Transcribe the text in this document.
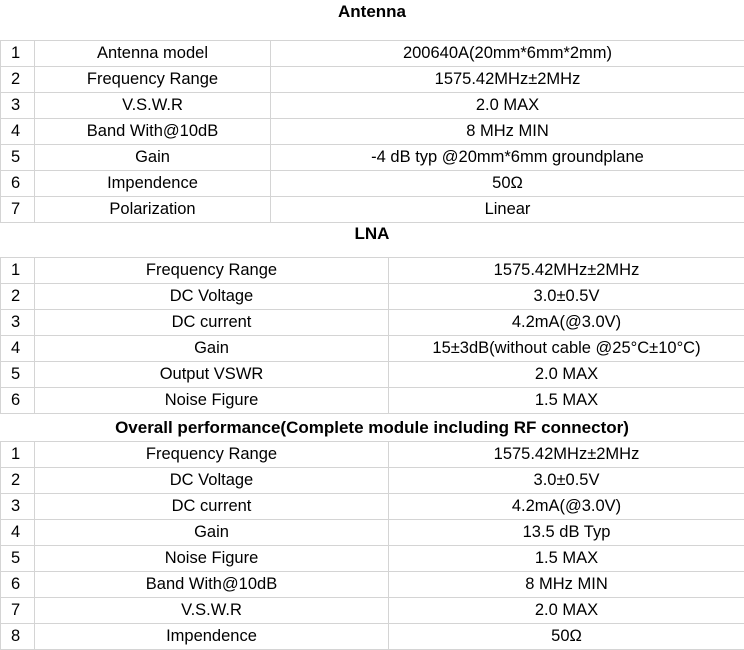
Antenna
1	Antenna model	200640A(20mm*6mm*2mm)
2	Frequency Range	1575.42MHz±2MHz
3	V.S.W.R	2.0 MAX
4	Band With@10dB	8 MHz MIN
5	Gain	-4 dB typ @20mm*6mm groundplane
6	Impendence	50Ω
7	Polarization	Linear
LNA
1	Frequency Range	1575.42MHz±2MHz
2	DC Voltage	3.0±0.5V
3	DC current	4.2mA(@3.0V)
4	Gain	15±3dB(without cable @25°C±10°C)
5	Output VSWR	2.0 MAX
6	Noise Figure	1.5 MAX
Overall performance(Complete module including RF connector)
1	Frequency Range	1575.42MHz±2MHz
2	DC Voltage	3.0±0.5V
3	DC current	4.2mA(@3.0V)
4	Gain	13.5 dB Typ
5	Noise Figure	1.5 MAX
6	Band With@10dB	8 MHz MIN
7	V.S.W.R	2.0 MAX
8	Impendence	50Ω
